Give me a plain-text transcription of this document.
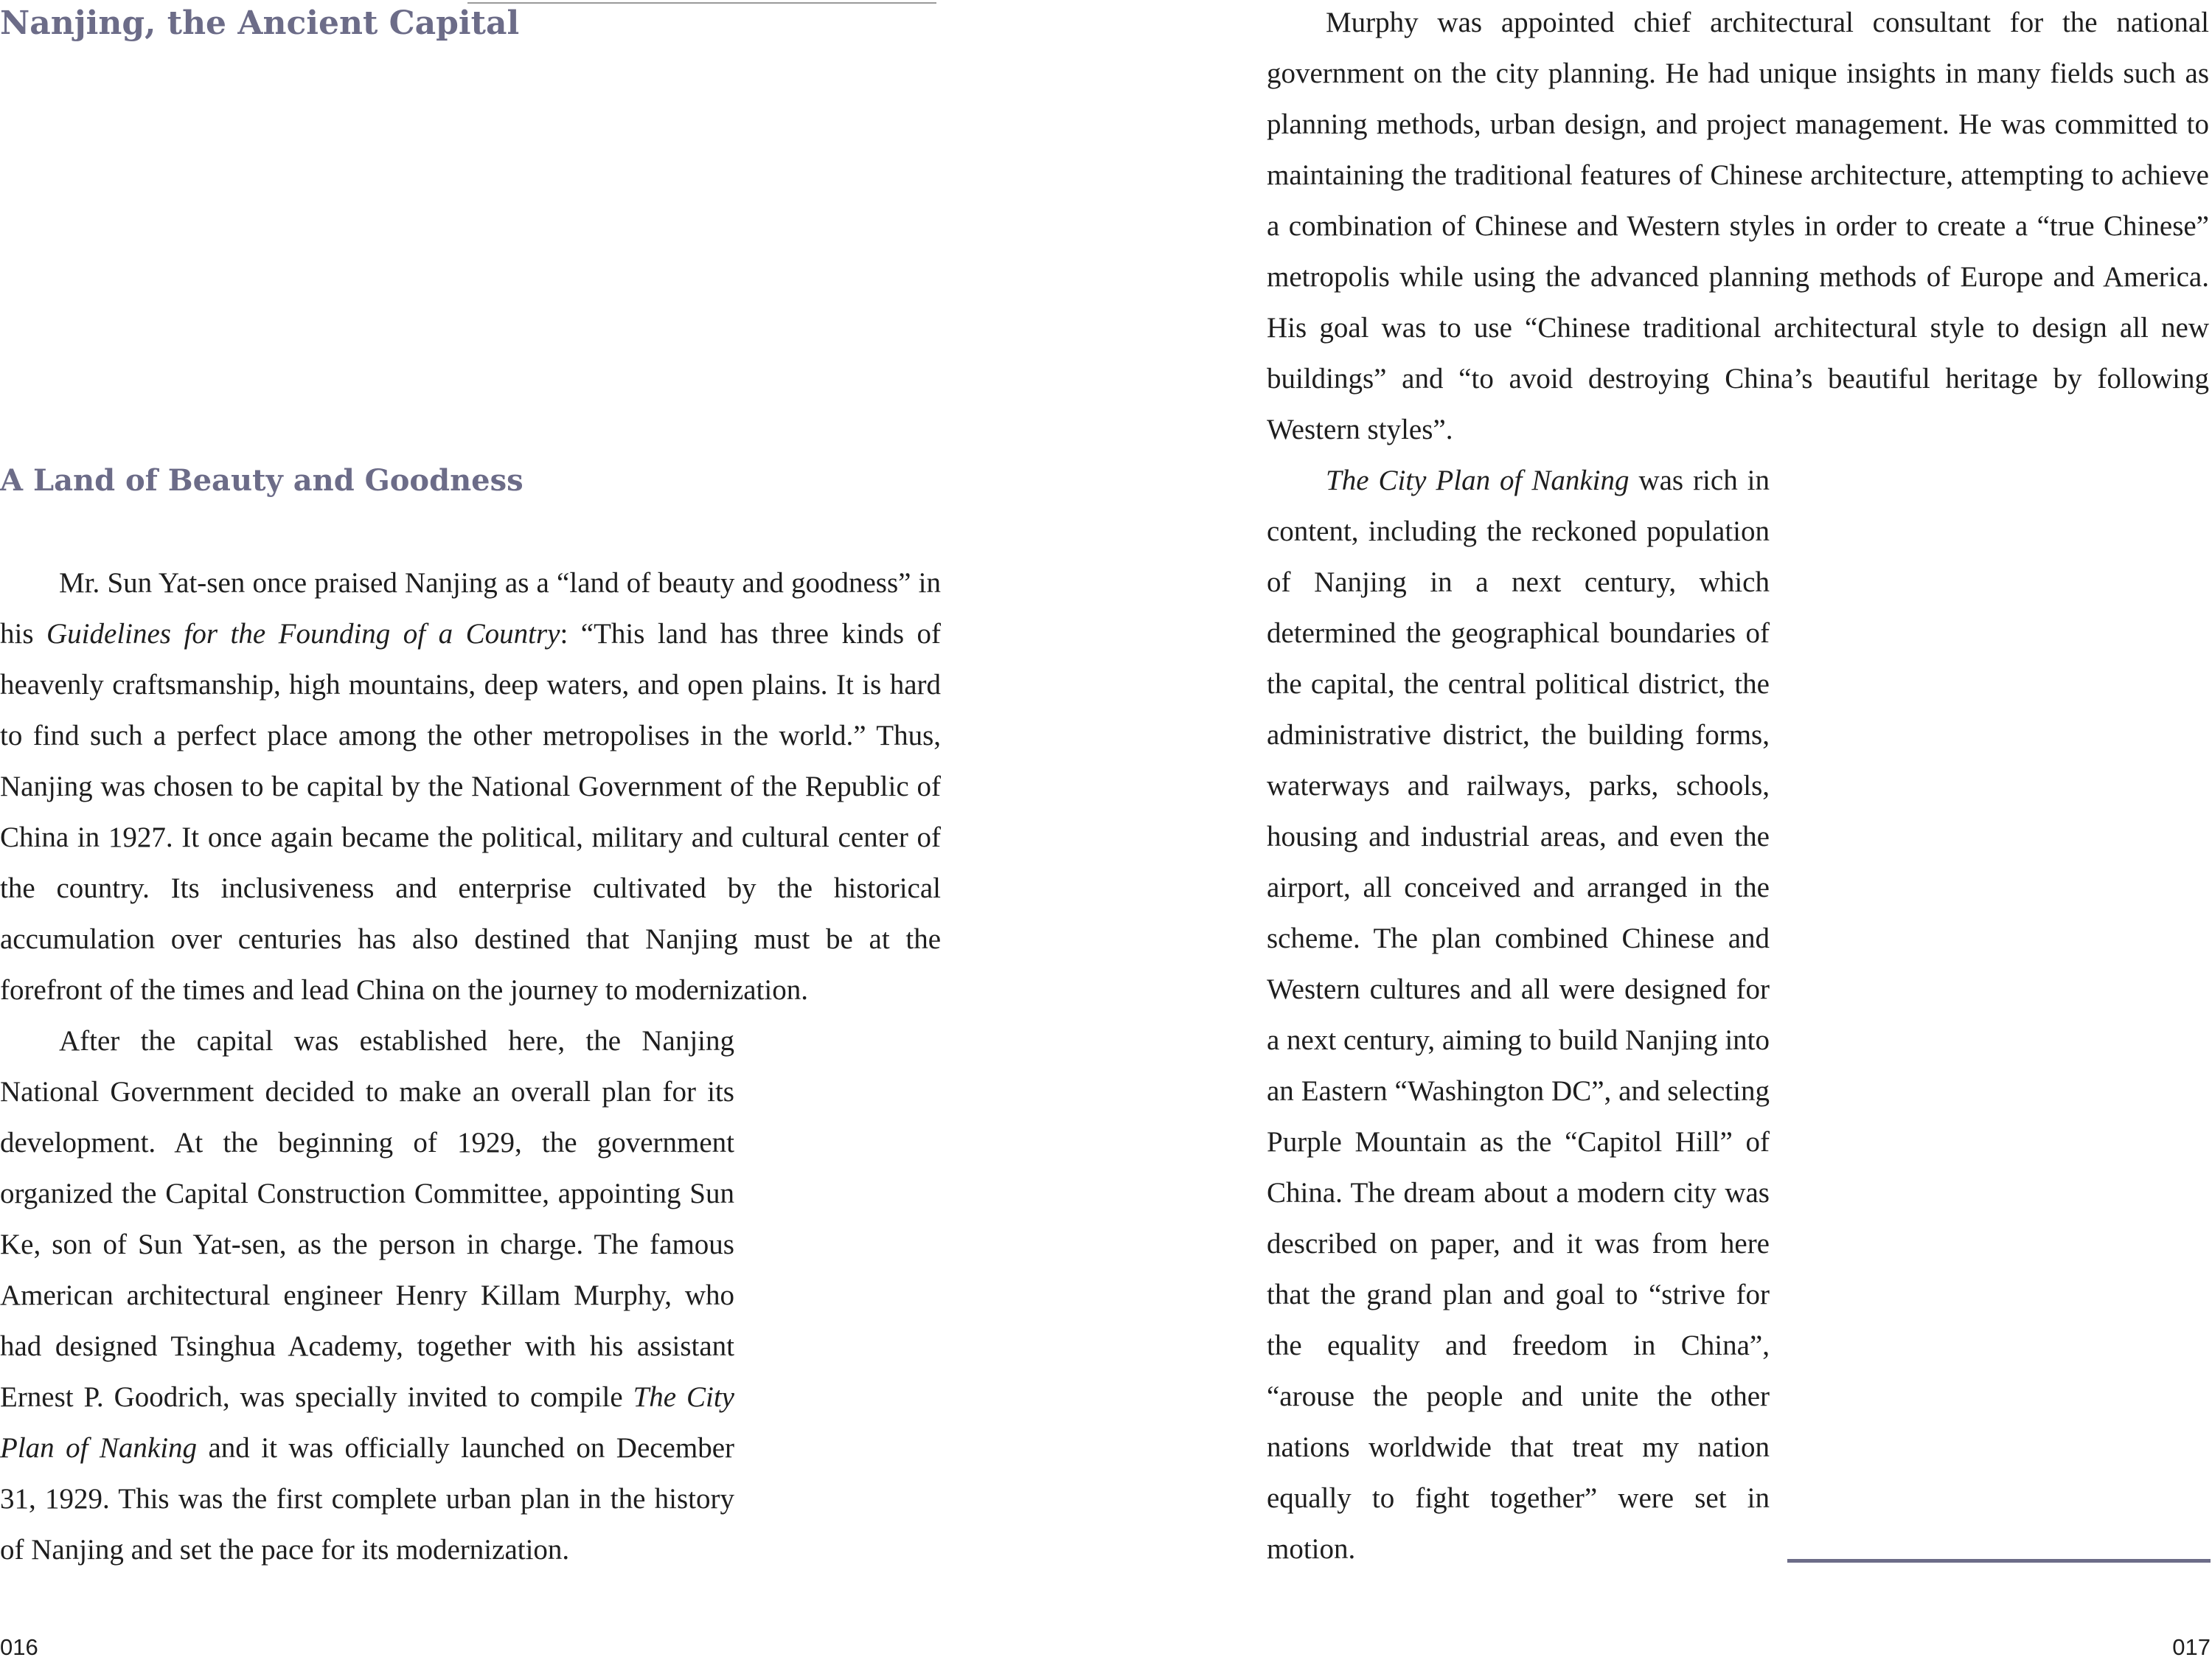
Nanjing, the Ancient Capital
A Land of Beauty and Goodness

Mr. Sun Yat-sen once praised Nanjing as a “land of beauty and goodness” in his Guidelines for the Founding of a Country: “This land has three kinds of heavenly craftsmanship, high mountains, deep waters, and open plains. It is hard to find such a perfect place among the other metropolises in the world.” Thus, Nanjing was chosen to be capital by the National Government of the Republic of China in 1927. It once again became the political, military and cultural center of the country. Its inclusiveness and enterprise cultivated by the historical accumulation over centuries has also destined that Nanjing must be at the forefront of the times and lead China on the journey to modernization.

After the capital was established here, the Nanjing National Government decided to make an overall plan for its development. At the beginning of 1929, the government organized the Capital Construction Committee, appointing Sun Ke, son of Sun Yat-sen, as the person in charge. The famous American architectural engineer Henry Killam Murphy, who had designed Tsinghua Academy, together with his assistant Ernest P. Goodrich, was specially invited to compile The City Plan of Nanking and it was officially launched on December 31, 1929. This was the first complete urban plan in the history of Nanjing and set the pace for its modernization.

016

Murphy was appointed chief architectural consultant for the national government on the city planning. He had unique insights in many fields such as planning methods, urban design, and project management. He was committed to maintaining the traditional features of Chinese architecture, attempting to achieve a combination of Chinese and Western styles in order to create a “true Chinese” metropolis while using the advanced planning methods of Europe and America. His goal was to use “Chinese traditional architectural style to design all new buildings” and “to avoid destroying China’s beautiful heritage by following Western styles”.

The City Plan of Nanking was rich in content, including the reckoned population of Nanjing in a next century, which determined the geographical boundaries of the capital, the central political district, the administrative district, the building forms, waterways and railways, parks, schools, housing and industrial areas, and even the airport, all conceived and arranged in the scheme. The plan combined Chinese and Western cultures and all were designed for a next century, aiming to build Nanjing into an Eastern “Washington DC”, and selecting Purple Mountain as the “Capitol Hill” of China. The dream about a modern city was described on paper, and it was from here that the grand plan and goal to “strive for the equality and freedom in China”, “arouse the people and unite the other nations worldwide that treat my nation equally to fight together” were set in motion.

017
